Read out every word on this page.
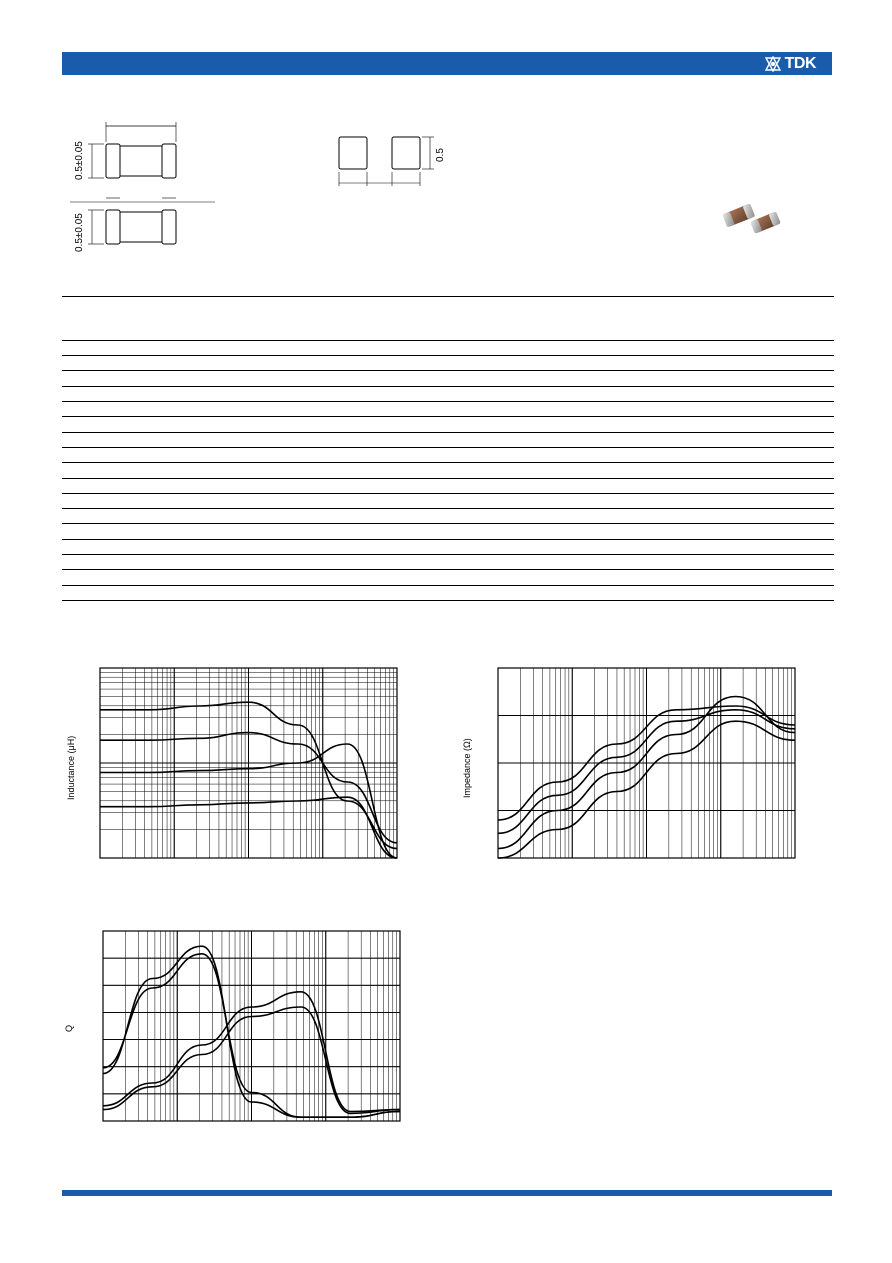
TDK
0.5±0.05
0.5±0.05
0.5
Inductance (μH)	Impedance (Ω)
Q
